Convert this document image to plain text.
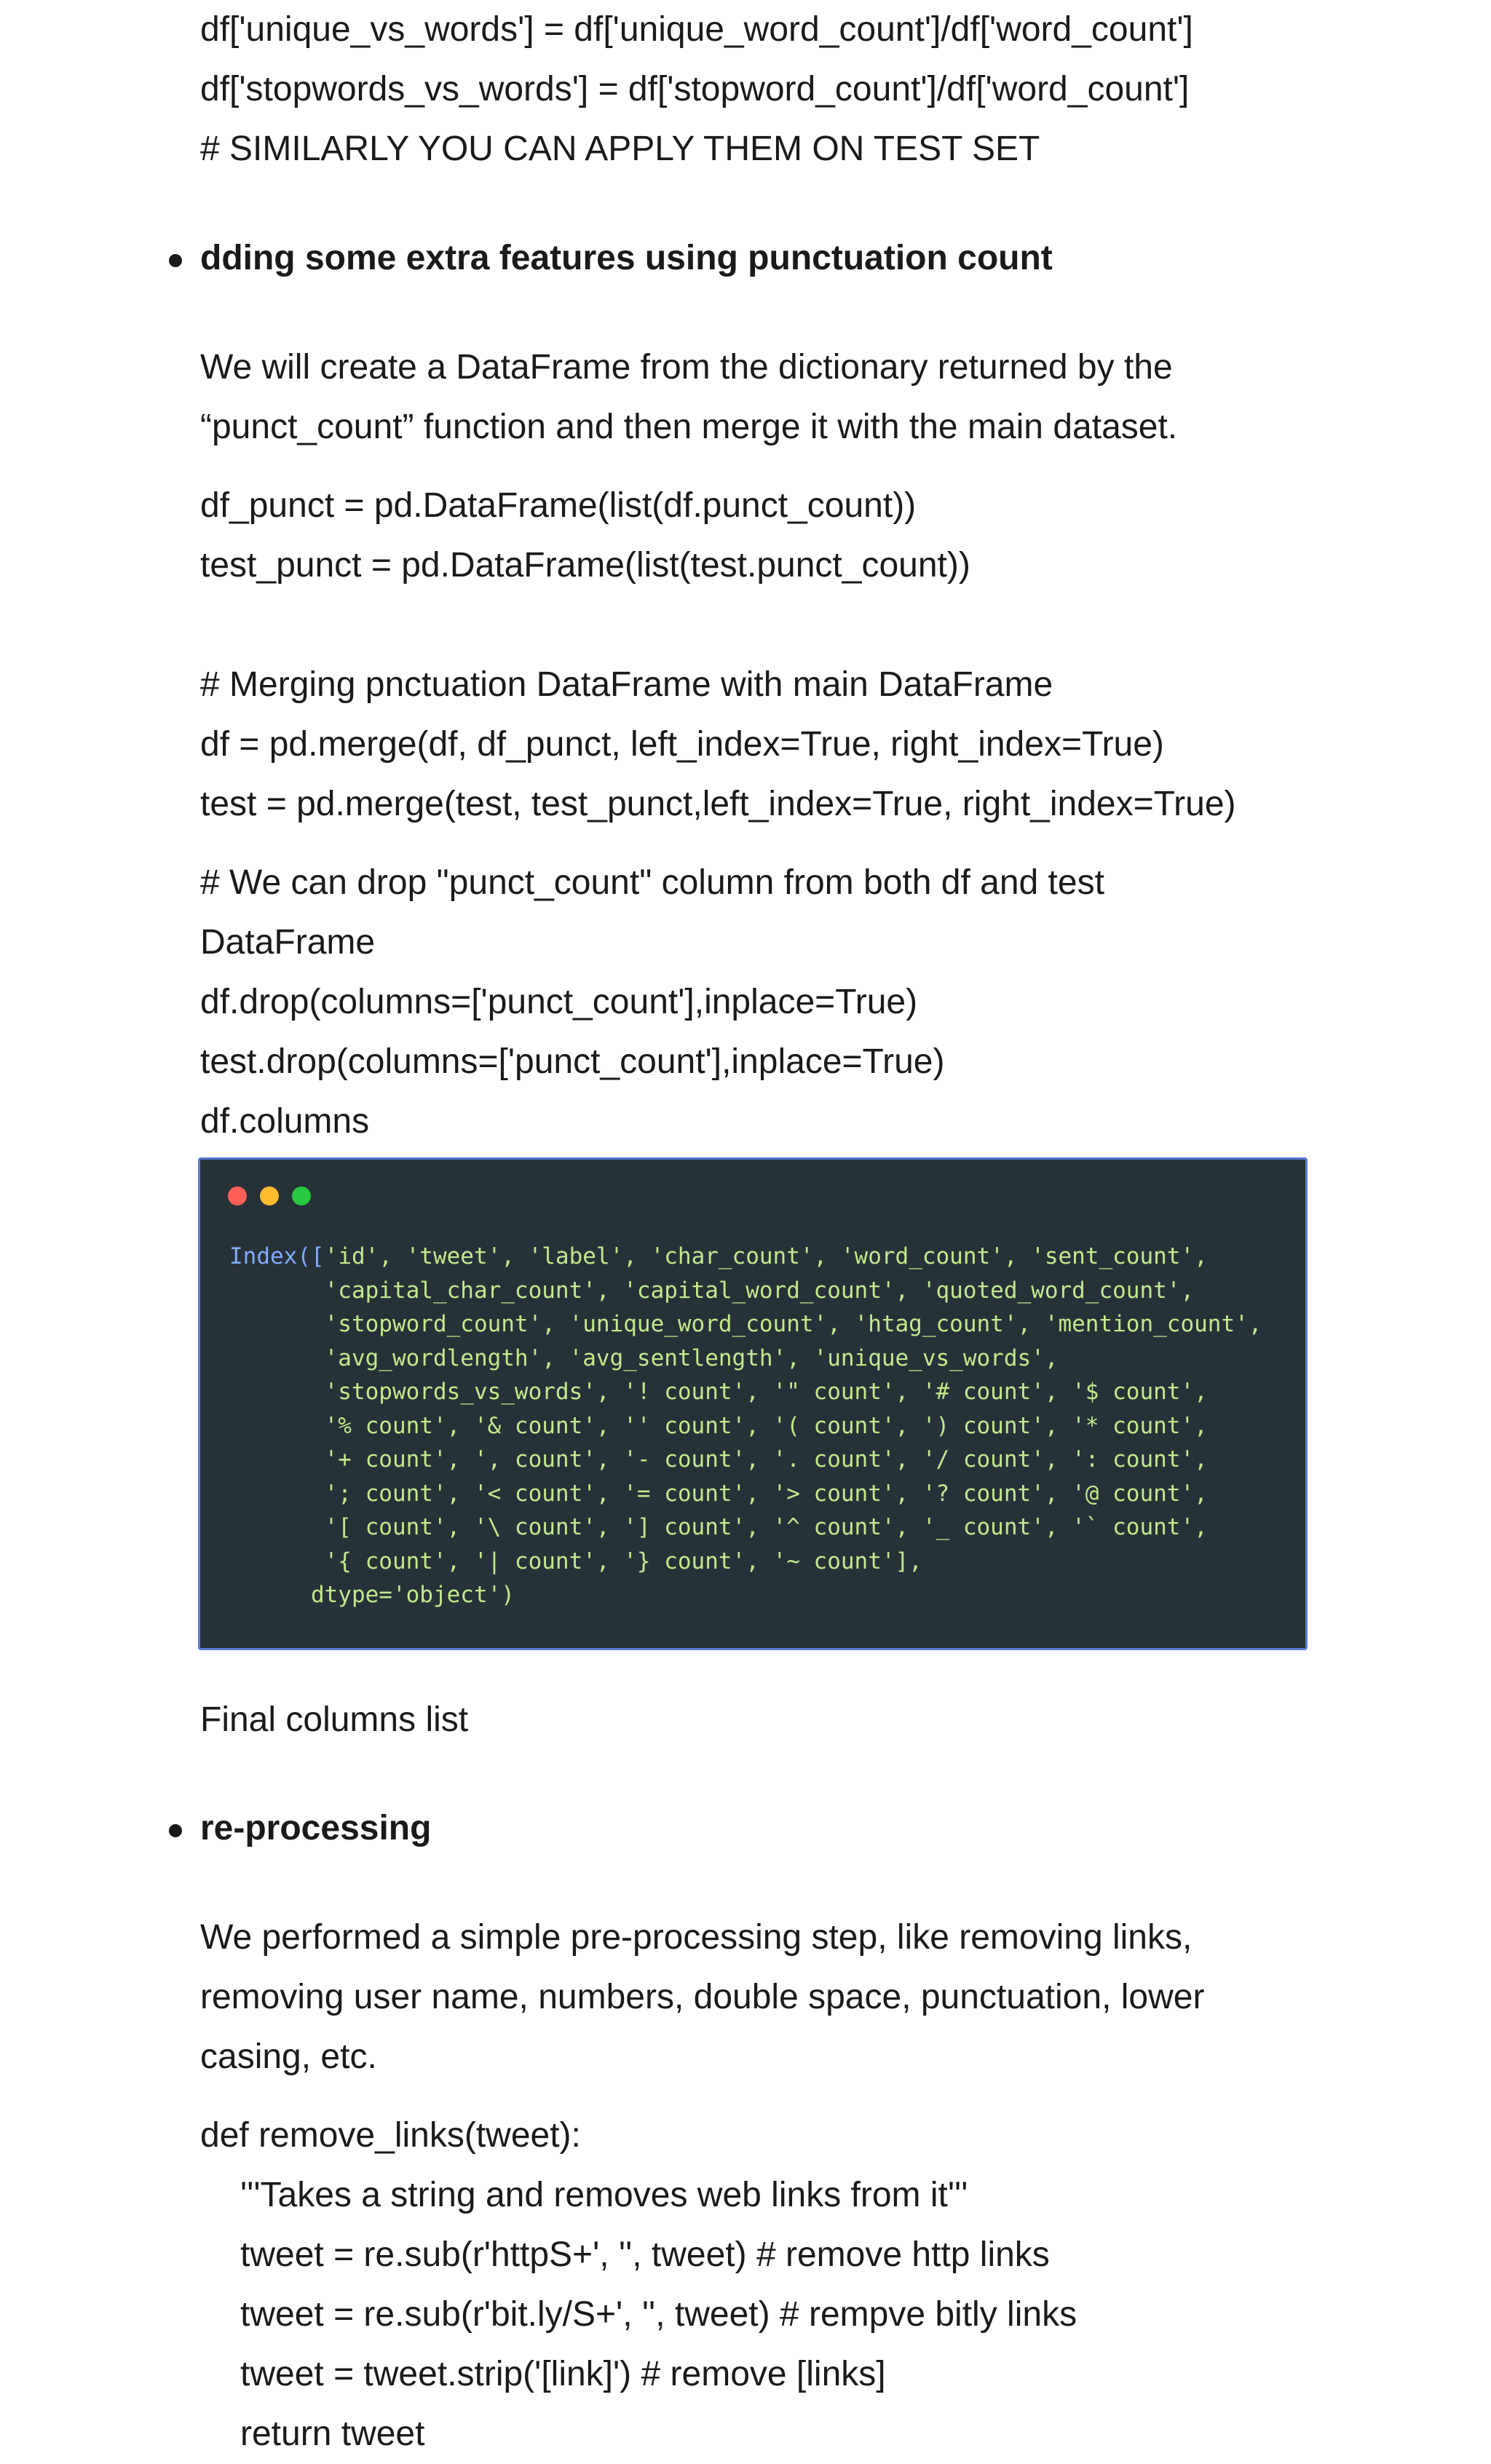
df['unique_vs_words'] = df['unique_word_count']/df['word_count']
df['stopwords_vs_words'] = df['stopword_count']/df['word_count']
# SIMILARLY YOU CAN APPLY THEM ON TEST SET
dding some extra features using punctuation count
We will create a DataFrame from the dictionary returned by the
“punct_count” function and then merge it with the main dataset.
df_punct = pd.DataFrame(list(df.punct_count))
test_punct = pd.DataFrame(list(test.punct_count))
# Merging pnctuation DataFrame with main DataFrame
df = pd.merge(df, df_punct, left_index=True, right_index=True)
test = pd.merge(test, test_punct,left_index=True, right_index=True)
# We can drop "punct_count" column from both df and test
DataFrame
df.drop(columns=['punct_count'],inplace=True)
test.drop(columns=['punct_count'],inplace=True)
df.columns
Index(['id', 'tweet', 'label', 'char_count', 'word_count', 'sent_count',
'capital_char_count', 'capital_word_count', 'quoted_word_count',
'stopword_count', 'unique_word_count', 'htag_count', 'mention_count',
'avg_wordlength', 'avg_sentlength', 'unique_vs_words',
'stopwords_vs_words', '! count', '" count', '# count', '$ count',
'% count', '& count', '' count', '( count', ') count', '* count',
'+ count', ', count', '- count', '. count', '/ count', ': count',
'; count', '< count', '= count', '> count', '? count', '@ count',
'[ count', '\ count', '] count', '^ count', '_ count', '` count',
'{ count', '| count', '} count', '~ count'],
dtype='object')
Final columns list
re-processing
We performed a simple pre-processing step, like removing links,
removing user name, numbers, double space, punctuation, lower
casing, etc.
def remove_links(tweet):
'''Takes a string and removes web links from it'''
tweet = re.sub(r'httpS+', '', tweet) # remove http links
tweet = re.sub(r'bit.ly/S+', '', tweet) # rempve bitly links
tweet = tweet.strip('[link]') # remove [links]
return tweet
